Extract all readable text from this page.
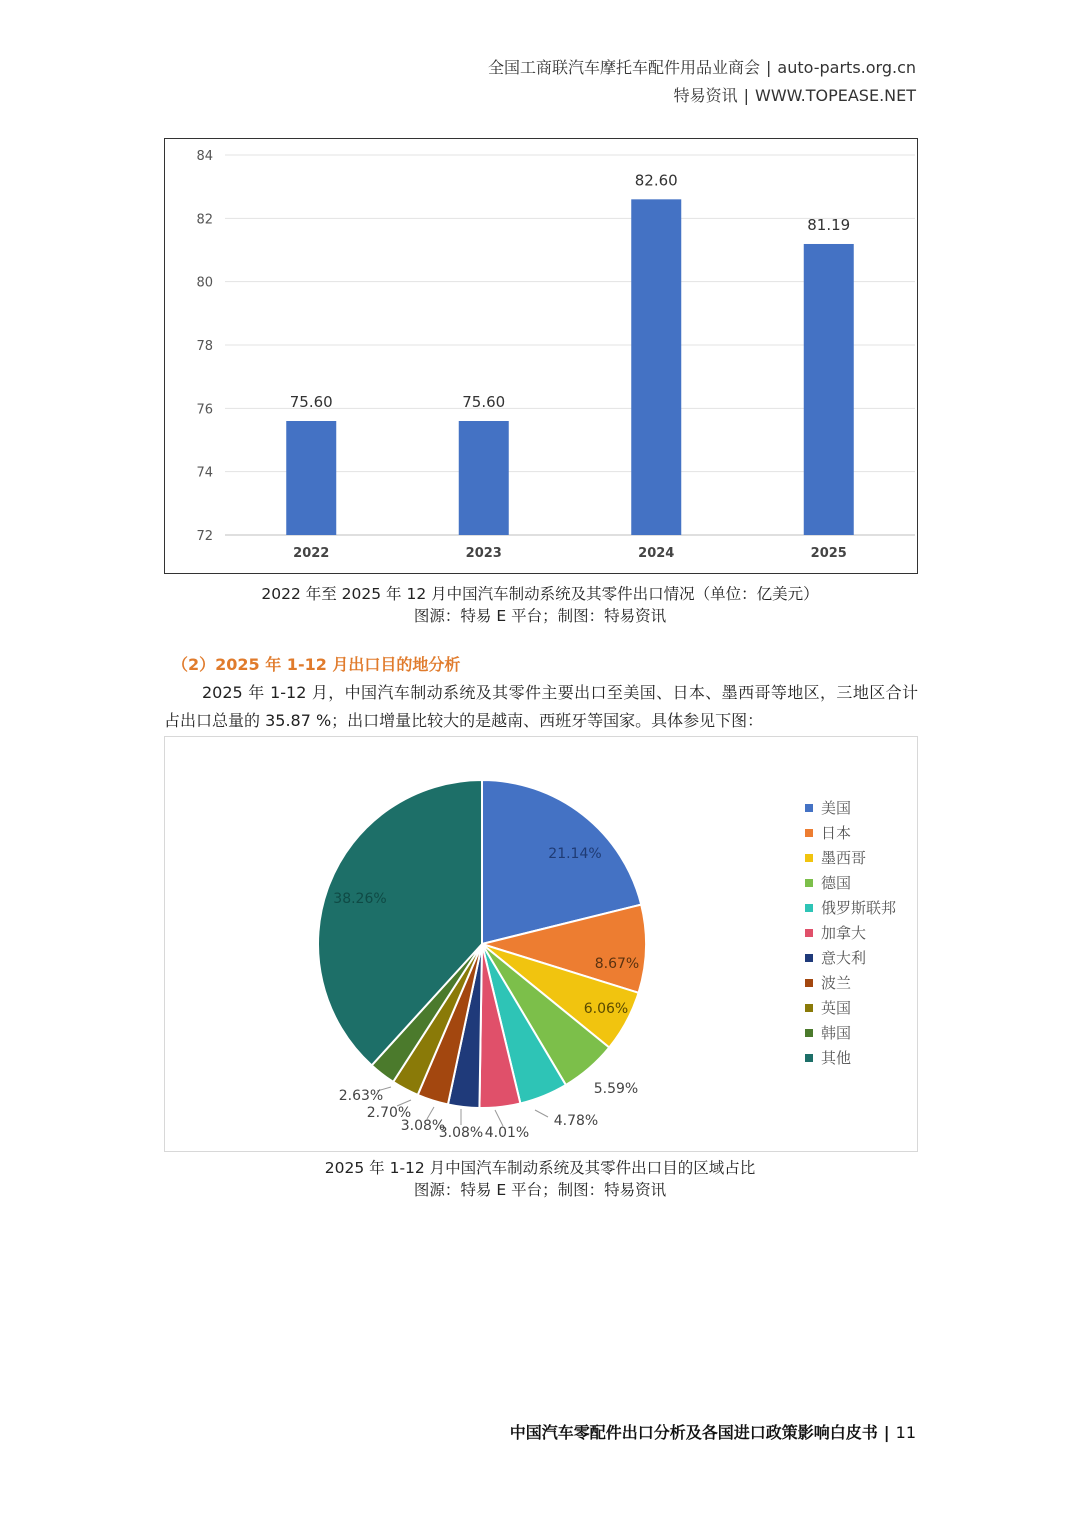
全国工商联汽车摩托车配件用品业商会 | auto-parts.org.cn
特易资讯 | WWW.TOPEASE.NET
72
74
76
78
80
82
84
75.60
2022
75.60
2023
82.60
2024
81.19
2025
2022 年至 2025 年 12 月中国汽车制动系统及其零件出口情况（单位：亿美元）
图源：特易 E 平台；制图：特易资讯
（2）2025 年 1-12 月出口目的地分析
2025 年 1-12 月，中国汽车制动系统及其零件主要出口至美国、日本、墨西哥等地区，三地区合计占出口总量的 35.87 %；出口增量比较大的是越南、西班牙等国家。具体参见下图：
21.14%
8.67%
6.06%
5.59%
4.78%
4.01%
3.08%
3.08%
2.70%
2.63%
38.26%
美国
日本
墨西哥
德国
俄罗斯联邦
加拿大
意大利
波兰
英国
韩国
其他
2025 年 1-12 月中国汽车制动系统及其零件出口目的区域占比
图源：特易 E 平台；制图：特易资讯
中国汽车零配件出口分析及各国进口政策影响白皮书 | 11
